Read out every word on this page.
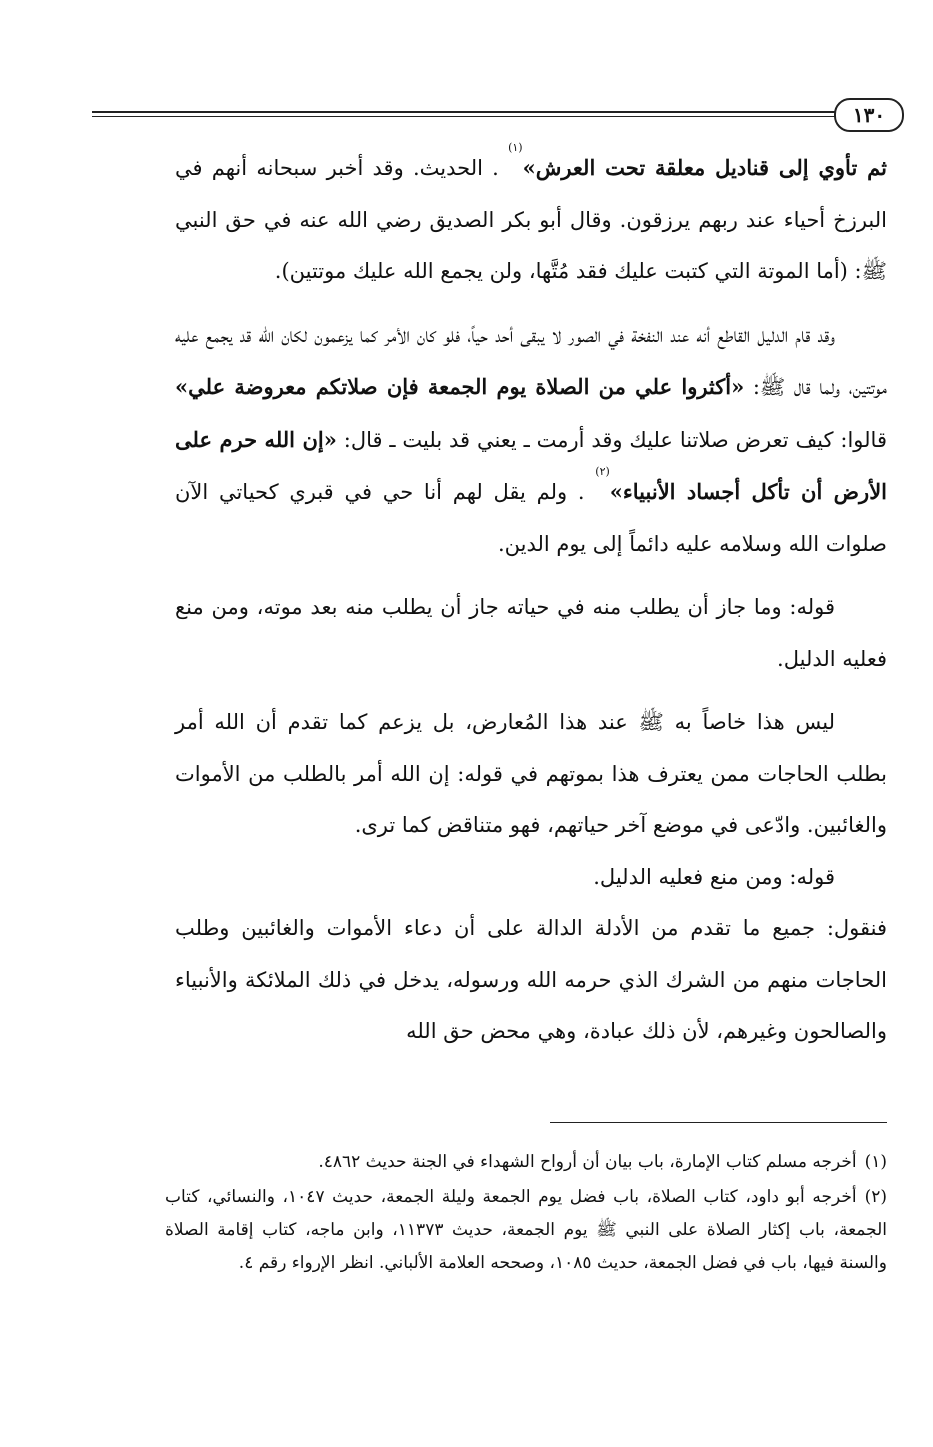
١٣٠

ثم تأوي إلى قناديل معلقة تحت العرش»$^{(١)}$ . الحديث. وقد أخبر سبحانه أنهم في البرزخ أحياء عند ربهم يرزقون. وقال أبو بكر الصديق رضي الله عنه في حق النبي ﷺ: (أما الموتة التي كتبت عليك فقد مُتَّها، ولن يجمع الله عليك موتتين).

وقد قام الدليل القاطع أنه عند النفخة في الصور لا يبقى أحد حياً، فلو كان الأمر كما يزعمون لكان الله قد يجمع عليه موتتين، ولما قال ﷺ: «أكثروا علي من الصلاة يوم الجمعة فإن صلاتكم معروضة علي» قالوا: كيف تعرض صلاتنا عليك وقد أرمت ـ يعني قد بليت ـ قال: «إن الله حرم على الأرض أن تأكل أجساد الأنبياء»$^{(٢)}$ . ولم يقل لهم أنا حي في قبري كحياتي الآن صلوات الله وسلامه عليه دائماً إلى يوم الدين.

قوله: وما جاز أن يطلب منه في حياته جاز أن يطلب منه بعد موته، ومن منع فعليه الدليل.

ليس هذا خاصاً به ﷺ عند هذا المُعارض، بل يزعم كما تقدم أن الله أمر بطلب الحاجات ممن يعترف هذا بموتهم في قوله: إن الله أمر بالطلب من الأموات والغائبين. وادّعى في موضع آخر حياتهم، فهو متناقض كما ترى.

قوله: ومن منع فعليه الدليل.

فنقول: جميع ما تقدم من الأدلة الدالة على أن دعاء الأموات والغائبين وطلب الحاجات منهم من الشرك الذي حرمه الله ورسوله، يدخل في ذلك الملائكة والأنبياء والصالحون وغيرهم، لأن ذلك عبادة، وهي محض حق الله

(١)أخرجه مسلم كتاب الإمارة، باب بيان أن أرواح الشهداء في الجنة حديث ٤٨٦٢.

(٢)أخرجه أبو داود، كتاب الصلاة، باب فضل يوم الجمعة وليلة الجمعة، حديث ١٠٤٧، والنسائي، كتاب الجمعة، باب إكثار الصلاة على النبي ﷺ يوم الجمعة، حديث ١١٣٧٣، وابن ماجه، كتاب إقامة الصلاة والسنة فيها، باب في فضل الجمعة، حديث ١٠٨٥، وصححه العلامة الألباني. انظر الإرواء رقم ٤.
